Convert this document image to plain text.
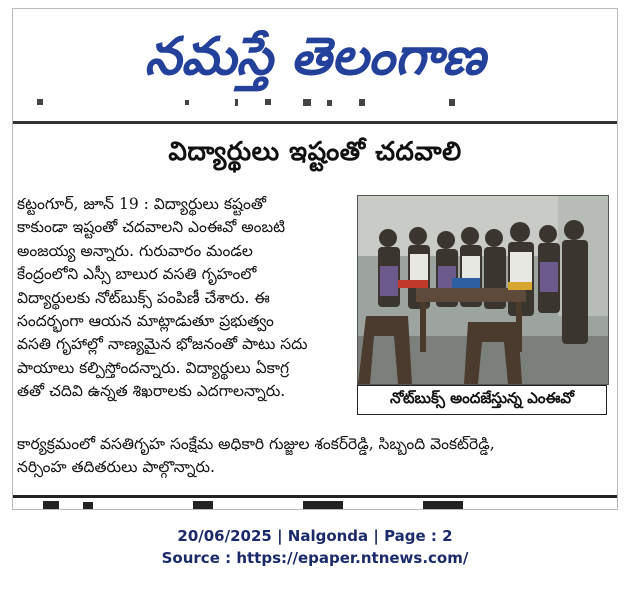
నమస్తే తెలంగాణ
విద్యార్థులు ఇష్టంతో చదవాలి

కట్టంగూర్, జూన్ 19 : విద్యార్థులు కష్టంతో

కాకుండా ఇష్టంతో చదవాలని ఎంఈవో అంబటి

అంజయ్య అన్నారు. గురువారం మండల

కేంద్రంలోని ఎస్సీ బాలుర వసతి గృహంలో

విద్యార్థులకు నోట్‌బుక్స్ పంపిణీ చేశారు. ఈ

సందర్భంగా ఆయన మాట్లాడుతూ ప్రభుత్వం

వసతి గృహాల్లో నాణ్యమైన భోజనంతో పాటు సదు

పాయాలు కల్పిస్తోందన్నారు. విద్యార్థులు ఏకాగ్ర

తతో చదివి ఉన్నత శిఖరాలకు ఎదగాలన్నారు.	నోట్‌బుక్స్ అందజేస్తున్న ఎంఈవో

కార్యక్రమంలో వసతిగృహ సంక్షేమ అధికారి గుజ్జుల శంకర్‌రెడ్డి, సిబ్బంది వెంకట్‌రెడ్డి,

నర్సింహ తదితరులు పాల్గొన్నారు.

20/06/2025 | Nalgonda | Page : 2
Source : https://epaper.ntnews.com/
